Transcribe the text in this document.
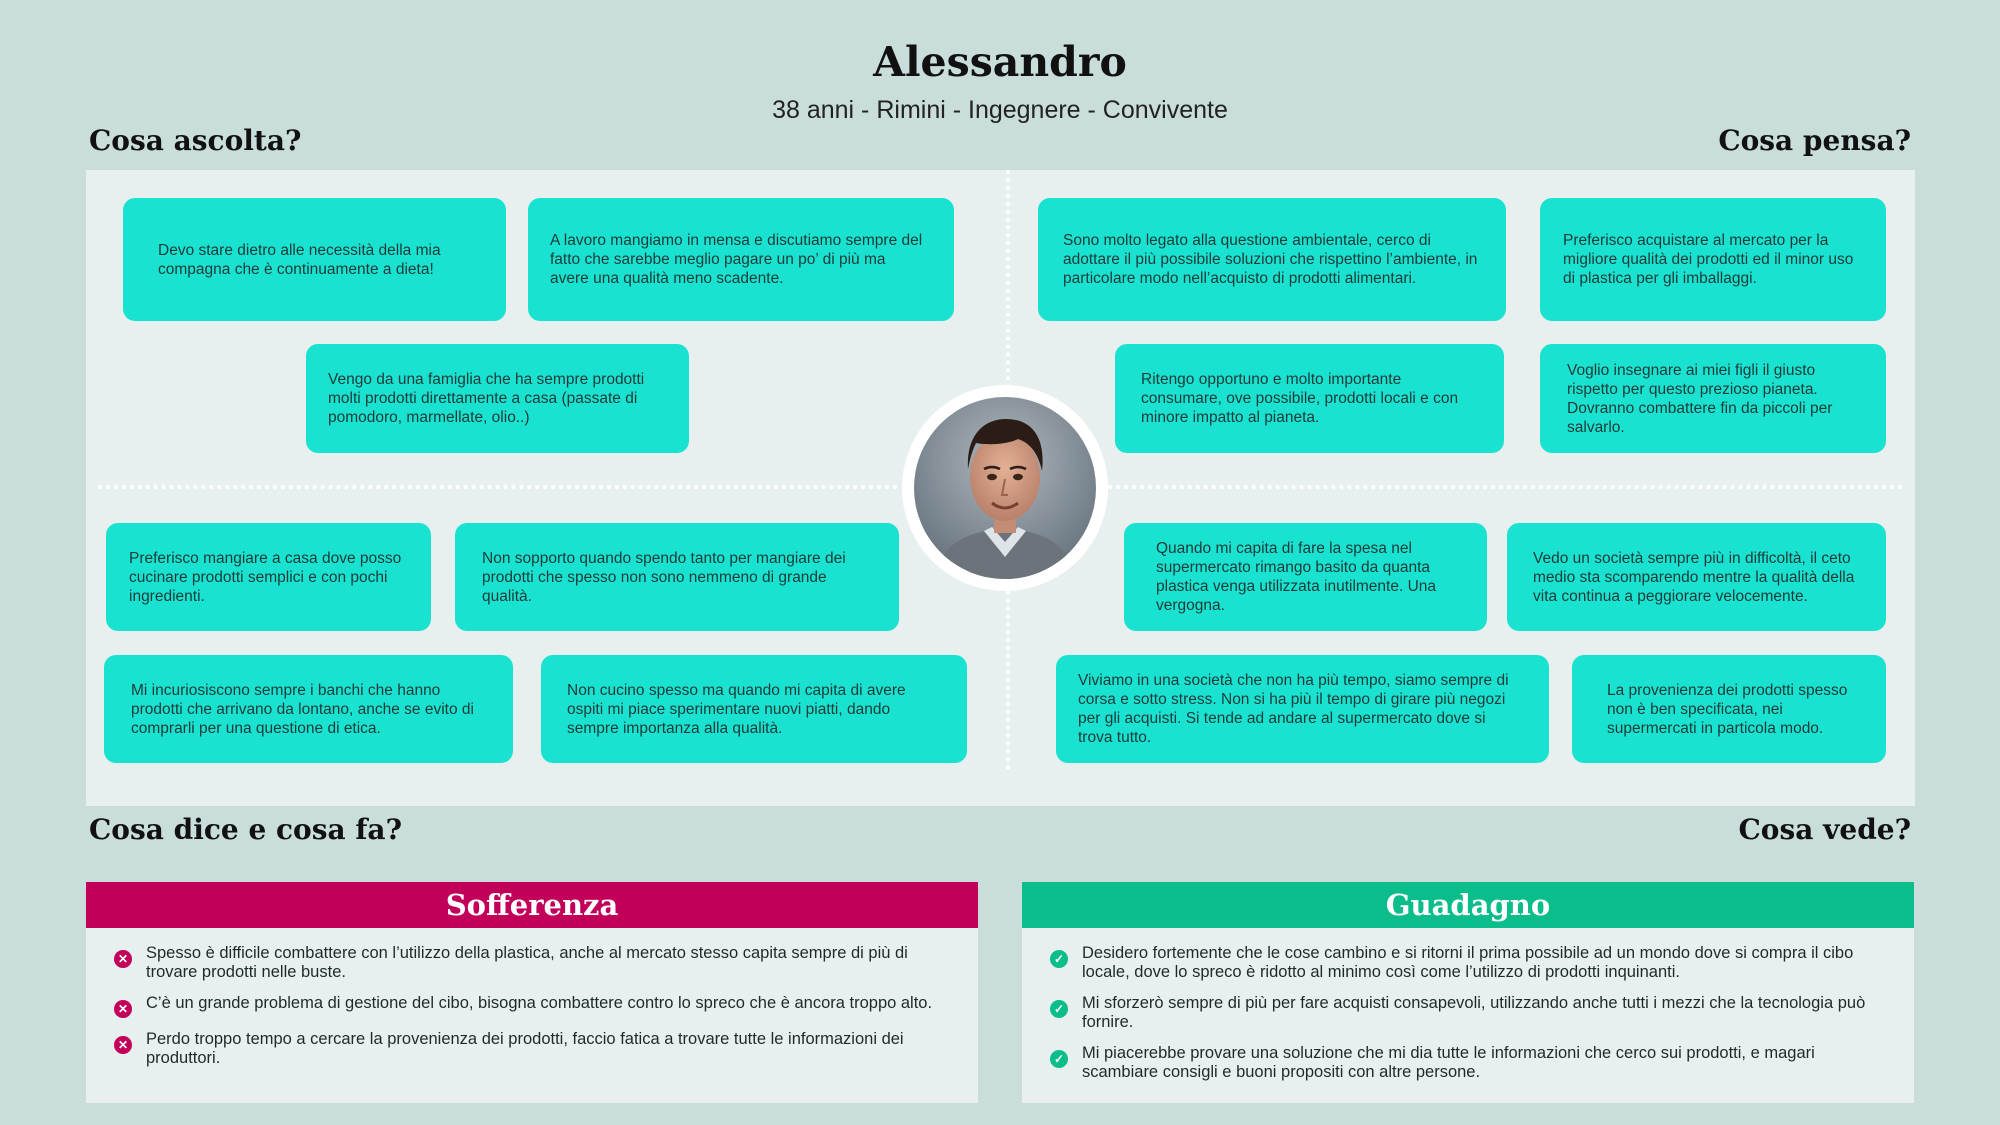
Alessandro
38 anni - Rimini - Ingegnere - Convivente
Cosa ascolta?	Cosa pensa?
Cosa dice e cosa fa?	Cosa vede?
Devo stare dietro alle necessità della mia compagna che è continuamente a dieta!
A lavoro mangiamo in mensa e discutiamo sempre del fatto che sarebbe meglio pagare un po’ di più ma avere una qualità meno scadente.
Vengo da una famiglia che ha sempre prodotti molti prodotti direttamente a casa (passate di pomodoro, marmellate, olio..)
Sono molto legato alla questione ambientale, cerco di adottare il più possibile soluzioni che rispettino l’ambiente, in particolare modo nell’acquisto di prodotti alimentari.
Preferisco acquistare al mercato per la migliore qualità dei prodotti ed il minor uso di plastica per gli imballaggi.
Ritengo opportuno e molto importante consumare, ove possibile, prodotti locali e con minore impatto al pianeta.
Voglio insegnare ai miei figli il giusto rispetto per questo prezioso pianeta. Dovranno combattere fin da piccoli per salvarlo.
Preferisco mangiare a casa dove posso cucinare prodotti semplici e con pochi ingredienti.
Non sopporto quando spendo tanto per mangiare dei prodotti che spesso non sono nemmeno di grande qualità.
Mi incuriosiscono sempre i banchi che hanno prodotti che arrivano da lontano, anche se evito di comprarli per una questione di etica.
Non cucino spesso ma quando mi capita di avere ospiti mi piace sperimentare nuovi piatti, dando sempre importanza alla qualità.
Quando mi capita di fare la spesa nel supermercato rimango basito da quanta plastica venga utilizzata inutilmente. Una vergogna.
Vedo un società sempre più in difficoltà, il ceto medio sta scomparendo mentre la qualità della vita continua a peggiorare velocemente.
Viviamo in una società che non ha più tempo, siamo sempre di corsa e sotto stress. Non si ha più il tempo di girare più negozi per gli acquisti. Si tende ad andare al supermercato dove si trova tutto.
La provenienza dei prodotti spesso non è ben specificata, nei supermercati in particola modo.
Sofferenza
✕ Spesso è difficile combattere con l’utilizzo della plastica, anche al mercato stesso capita sempre di più di trovare prodotti nelle buste.
✕ C’è un grande problema di gestione del cibo, bisogna combattere contro lo spreco che è ancora troppo alto.
✕ Perdo troppo tempo a cercare la provenienza dei prodotti, faccio fatica a trovare tutte le informazioni dei produttori.
Guadagno
✓ Desidero fortemente che le cose cambino e si ritorni il prima possibile ad un mondo dove si compra il cibo locale, dove lo spreco è ridotto al minimo così come l’utilizzo di prodotti inquinanti.
✓ Mi sforzerò sempre di più per fare acquisti consapevoli, utilizzando anche tutti i mezzi che la tecnologia può fornire.
✓ Mi piacerebbe provare una soluzione che mi dia tutte le informazioni che cerco sui prodotti, e magari scambiare consigli e buoni propositi con altre persone.
